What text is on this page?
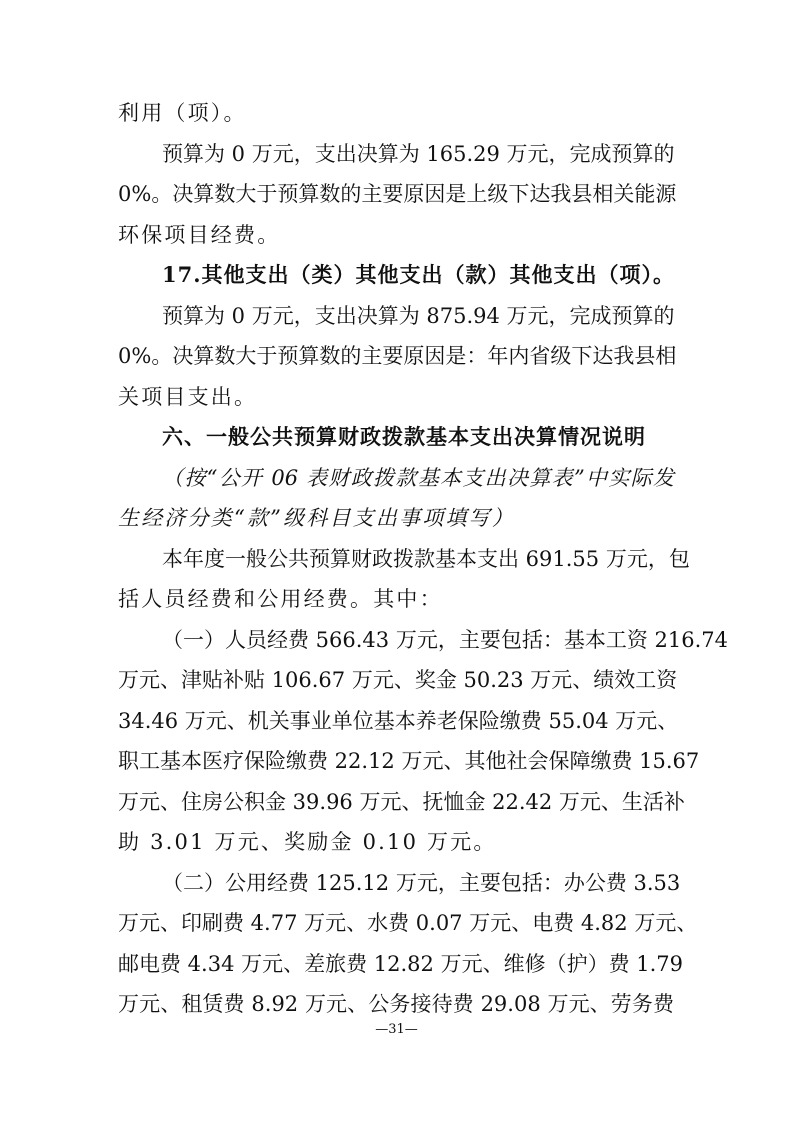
利用（项）。
预算为 0 万元，支出决算为 165.29 万元，完成预算的
0%。决算数大于预算数的主要原因是上级下达我县相关能源
环保项目经费。
17.其他支出（类）其他支出（款）其他支出（项）。
预算为 0 万元，支出决算为 875.94 万元，完成预算的
0%。决算数大于预算数的主要原因是：年内省级下达我县相
关项目支出。
六、一般公共预算财政拨款基本支出决算情况说明
（按“公开 06 表财政拨款基本支出决算表”中实际发
生经济分类“款”级科目支出事项填写）
本年度一般公共预算财政拨款基本支出 691.55 万元，包
括人员经费和公用经费。其中：
（一）人员经费 566.43 万元，主要包括：基本工资 216.74
万元、津贴补贴 106.67 万元、奖金 50.23 万元、绩效工资
34.46 万元、机关事业单位基本养老保险缴费 55.04 万元、
职工基本医疗保险缴费 22.12 万元、其他社会保障缴费 15.67
万元、住房公积金 39.96 万元、抚恤金 22.42 万元、生活补
助 3.01 万元、奖励金 0.10 万元。
（二）公用经费 125.12 万元，主要包括：办公费 3.53
万元、印刷费 4.77 万元、水费 0.07 万元、电费 4.82 万元、
邮电费 4.34 万元、差旅费 12.82 万元、维修（护）费 1.79
万元、租赁费 8.92 万元、公务接待费 29.08 万元、劳务费
—31—
